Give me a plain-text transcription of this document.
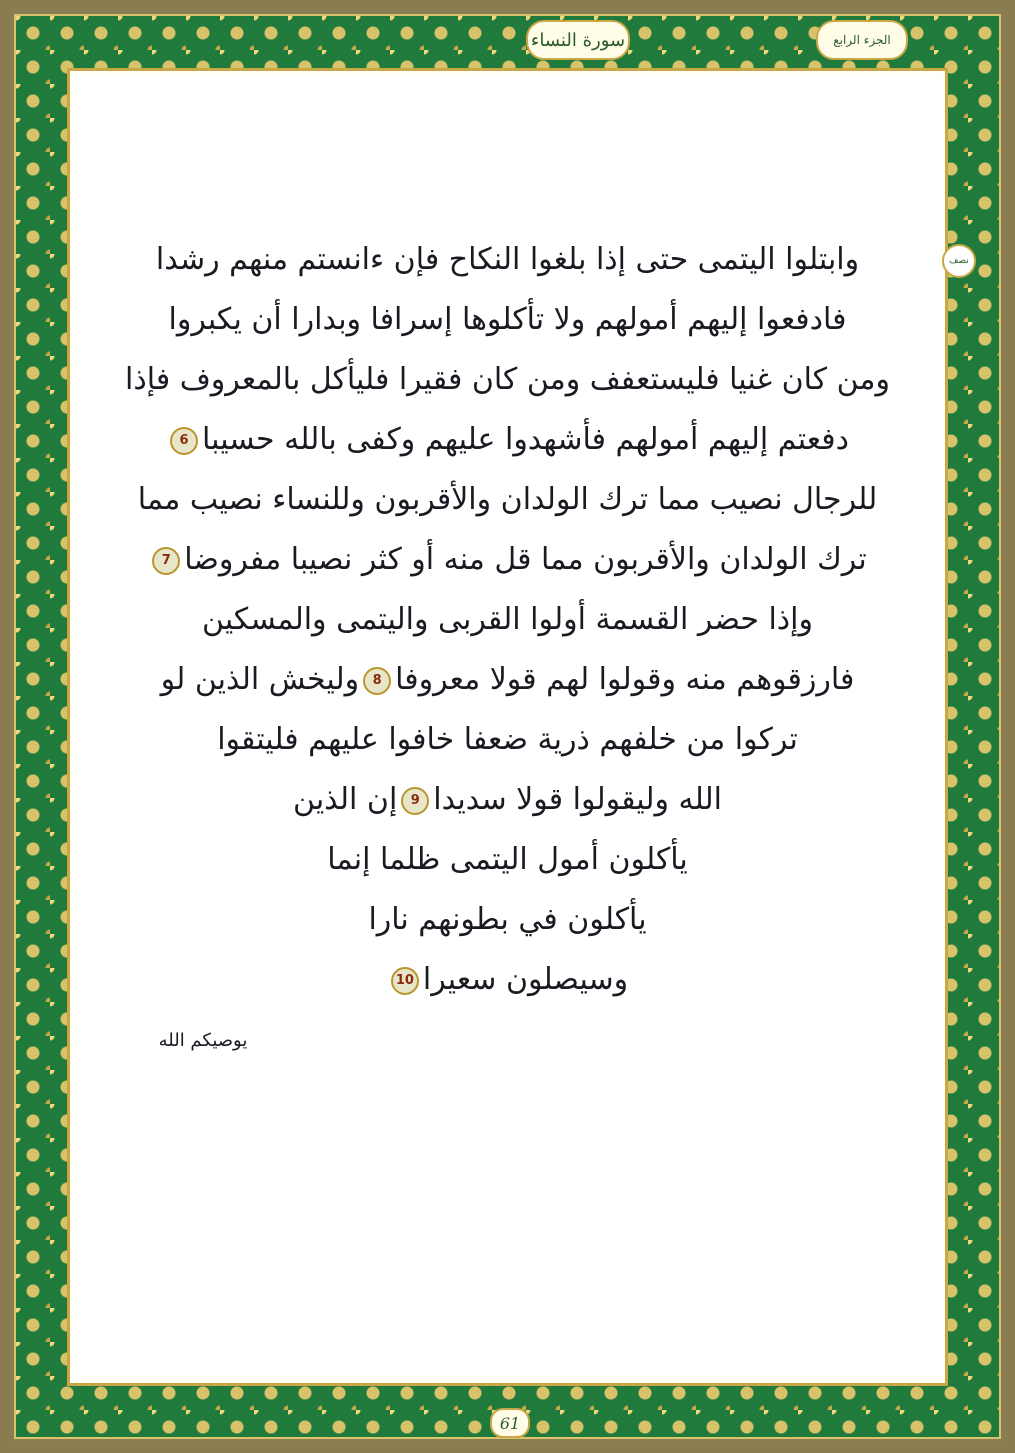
الجزء الرابع
سورة النساء
نصف
وابتلوا اليتمى حتى إذا بلغوا النكاح فإن ءانستم منهم رشدا
فادفعوا إليهم أمولهم ولا تأكلوها إسرافا وبدارا أن يكبروا
ومن كان غنيا فليستعفف ومن كان فقيرا فليأكل بالمعروف فإذا
دفعتم إليهم أمولهم فأشهدوا عليهم وكفى بالله حسيبا6
للرجال نصيب مما ترك الولدان والأقربون وللنساء نصيب مما
ترك الولدان والأقربون مما قل منه أو كثر نصيبا مفروضا7
وإذا حضر القسمة أولوا القربى واليتمى والمسكين
فارزقوهم منه وقولوا لهم قولا معروفا8وليخش الذين لو
تركوا من خلفهم ذرية ضعفا خافوا عليهم فليتقوا
الله وليقولوا قولا سديدا9إن الذين
يأكلون أمول اليتمى ظلما إنما
يأكلون في بطونهم نارا
وسيصلون سعيرا10
يوصيكم الله
61
